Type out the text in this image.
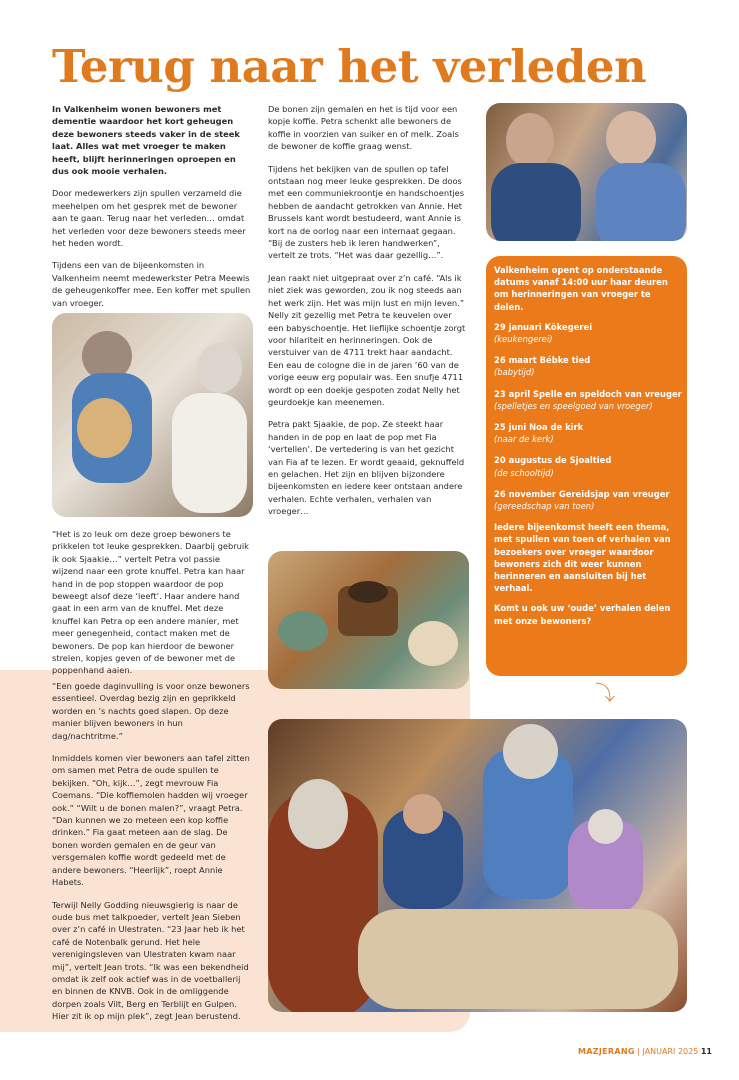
Terug naar het verleden

In Valkenheim wonen bewoners met dementie waardoor het kort geheugen deze bewoners steeds vaker in de steek laat. Alles wat met vroeger te maken heeft, blijft herinneringen oproepen en dus ook mooie verhalen.

Door medewerkers zijn spullen verzameld die meehelpen om het gesprek met de bewoner aan te gaan. Terug naar het verleden… omdat het verleden voor deze bewoners steeds meer het heden wordt.

Tijdens een van de bijeenkomsten in Valkenheim neemt medewerkster Petra Meewis de geheugenkoffer mee. Een koffer met spullen van vroeger.

“Het is zo leuk om deze groep bewoners te prikkelen tot leuke gesprekken. Daarbij gebruik ik ook Sjaakie…” vertelt Petra vol passie wijzend naar een grote knuffel. Petra kan haar hand in de pop stoppen waardoor de pop beweegt alsof deze ‘leeft’. Haar andere hand gaat in een arm van de knuffel. Met deze knuffel kan Petra op een andere manier, met meer genegenheid, contact maken met de bewoners. De pop kan hierdoor de bewoner strelen, kopjes geven of de bewoner met de poppenhand aaien.

“Een goede daginvulling is voor onze bewoners essentieel. Overdag bezig zijn en geprikkeld worden en ’s nachts goed slapen. Op deze manier blijven bewoners in hun dag/nachtritme.”

Inmiddels komen vier bewoners aan tafel zitten om samen met Petra de oude spullen te bekijken. “Oh, kijk…”, zegt mevrouw Fia Coemans. “Die koffiemolen hadden wij vroeger ook.” “Wilt u de bonen malen?”, vraagt Petra. “Dan kunnen we zo meteen een kop koffie drinken.” Fia gaat meteen aan de slag. De bonen worden gemalen en de geur van versgemalen koffie wordt gedeeld met de andere bewoners. “Heerlijk”, roept Annie Habets.

Terwijl Nelly Godding nieuwsgierig is naar de oude bus met talkpoeder, vertelt Jean Sieben over z’n café in Ulestraten. “23 Jaar heb ik het café de Notenbalk gerund. Het hele verenigingsleven van Ulestraten kwam naar mij”, vertelt Jean trots. “Ik was een bekendheid omdat ik zelf ook actief was in de voetballerij en binnen de KNVB. Ook in de omliggende dorpen zoals Vilt, Berg en Terblijt en Gulpen. Hier zit ik op mijn plek”, zegt Jean berustend.

De bonen zijn gemalen en het is tijd voor een kopje koffie. Petra schenkt alle bewoners de koffie in voorzien van suiker en of melk. Zoals de bewoner de koffie graag wenst.

Tijdens het bekijken van de spullen op tafel ontstaan nog meer leuke gesprekken. De doos met een communiekroontje en handschoentjes hebben de aandacht getrokken van Annie. Het Brussels kant wordt bestudeerd, want Annie is kort na de oorlog naar een internaat gegaan. “Bij de zusters heb ik leren handwerken”, vertelt ze trots. “Het was daar gezellig…”.

Jean raakt niet uitgepraat over z’n café. “Als ik niet ziek was geworden, zou ik nog steeds aan het werk zijn. Het was mijn lust en mijn leven.” Nelly zit gezellig met Petra te keuvelen over een babyschoentje. Het lieflijke schoentje zorgt voor hilariteit en herinneringen. Ook de verstuiver van de 4711 trekt haar aandacht. Een eau de cologne die in de jaren ’60 van de vorige eeuw erg populair was. Een snufje 4711 wordt op een doekje gespoten zodat Nelly het geurdoekje kan meenemen.

Petra pakt Sjaakie, de pop. Ze steekt haar handen in de pop en laat de pop met Fia ‘vertellen’. De vertedering is van het gezicht van Fia af te lezen. Er wordt geaaid, geknuffeld en gelachen. Het zijn en blijven bijzondere bijeenkomsten en iedere keer ontstaan andere verhalen. Echte verhalen, verhalen van vroeger…

Valkenheim opent op onderstaande datums vanaf 14:00 uur haar deuren om herinneringen van vroeger te delen.

29 januari Kökegerei
(keukengerei)
26 maart Bébke tied
(babytijd)
23 april Spelle en speldoch van vreuger
(spelletjes en speelgoed van vroeger)
25 juni Noa de kirk
(naar de kerk)
20 augustus de Sjoaltied
(de schooltijd)
26 november Gereidsjap van vreuger
(gereedschap van toen)

Iedere bijeenkomst heeft een thema, met spullen van toen of verhalen van bezoekers over vroeger waardoor bewoners zich dit weer kunnen herinneren en aansluiten bij het verhaal.

Komt u ook uw ‘oude’ verhalen delen met onze bewoners?

⤵
MAZJERANG | JANUARI 2025 11
